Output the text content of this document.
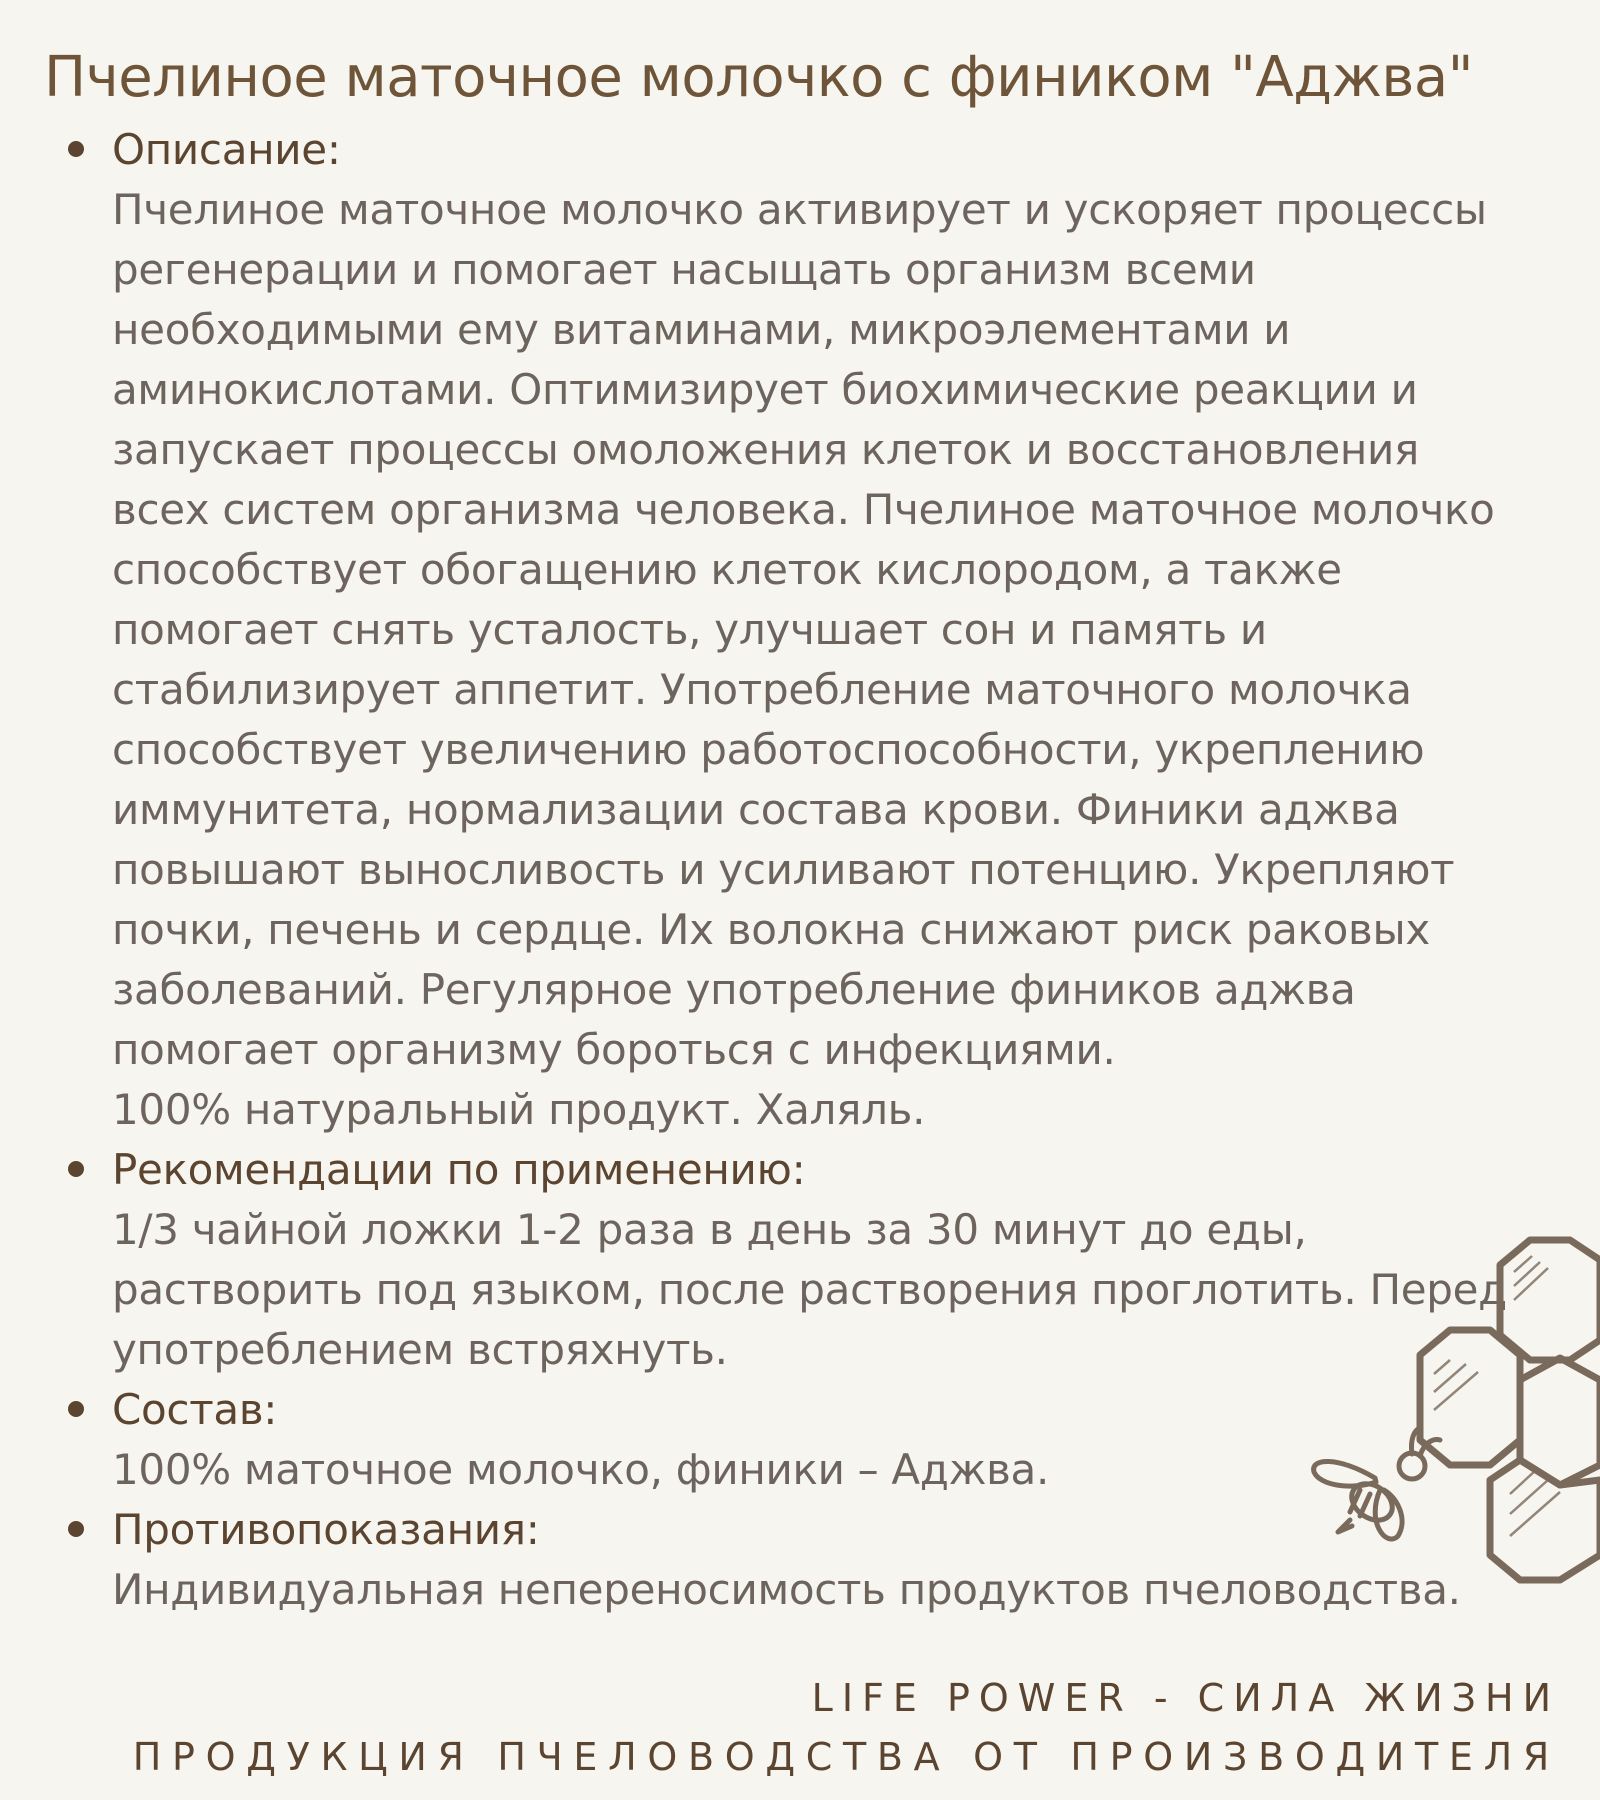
Пчелиное маточное молочко с фиником "Аджва"
Описание:
Пчелиное маточное молочко активирует и ускоряет процессы
регенерации и помогает насыщать организм всеми
необходимыми ему витаминами, микроэлементами и
аминокислотами. Оптимизирует биохимические реакции и
запускает процессы омоложения клеток и восстановления
всех систем организма человека. Пчелиное маточное молочко
способствует обогащению клеток кислородом, а также
помогает снять усталость, улучшает сон и память и
стабилизирует аппетит. Употребление маточного молочка
способствует увеличению работоспособности, укреплению
иммунитета, нормализации состава крови. Финики аджва
повышают выносливость и усиливают потенцию. Укрепляют
почки, печень и сердце. Их волокна снижают риск раковых
заболеваний. Регулярное употребление фиников аджва
помогает организму бороться с инфекциями.
100% натуральный продукт. Халяль.
Рекомендации по применению:
1/3 чайной ложки 1-2 раза в день за 30 минут до еды,
растворить под языком, после растворения проглотить. Перед
употреблением встряхнуть.
Состав:
100% маточное молочко, финики – Аджва.
Противопоказания:
Индивидуальная непереносимость продуктов пчеловодства.
LIFE POWER - СИЛА ЖИЗНИ
ПРОДУКЦИЯ ПЧЕЛОВОДСТВА ОТ ПРОИЗВОДИТЕЛЯ
